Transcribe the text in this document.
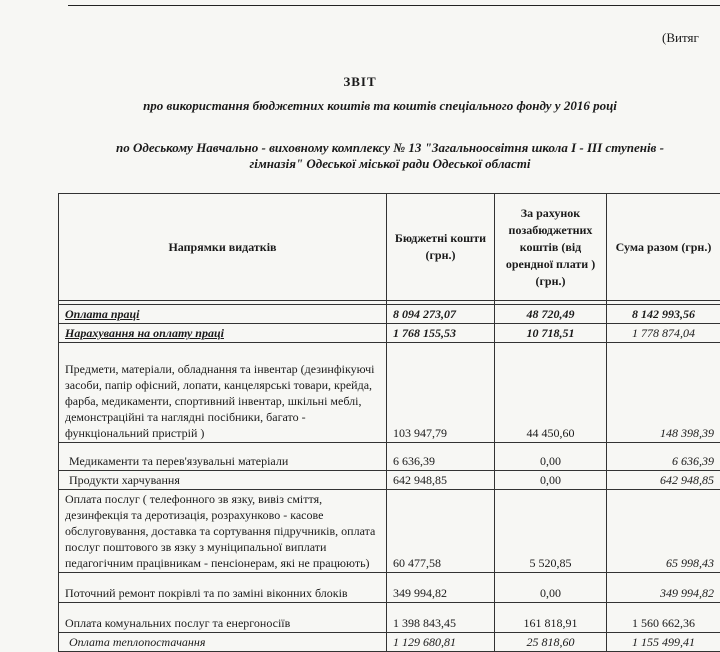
(Витяг
ЗВІТ
про використання бюджетних коштів та коштів спеціального фонду у 2016 році
по Одеському Навчально - виховному комплексу № 13 "Загальноосвітня школа І - ІІІ ступенів -
гімназія" Одеської міської ради Одеської області
Напрямки видатків	Бюджетні кошти (грн.)	За рахунок позабюджетних коштів (від орендної плати ) (грн.)	Сума разом (грн.)

Оплата праці	8 094 273,07	48 720,49	8 142 993,56
Нарахування на оплату праці	1 768 155,53	10 718,51	1 778 874,04
Предмети, матеріали, обладнання та інвентар (дезинфікуючі засоби, папір офісний, лопати, канцелярські товари, крейда, фарба, медикаменти, спортивний інвентар, шкільні меблі, демонстраційні та наглядні посібники, багато - функціональний пристрій )	103 947,79	44 450,60	148 398,39
Медикаменти та перев'язувальні матеріали	6 636,39	0,00	6 636,39
Продукти харчування	642 948,85	0,00	642 948,85
Оплата послуг ( телефонного зв язку, вивіз сміття, дезинфекція та деротизація, розрахунково - касове обслуговування, доставка та сортування підручників, оплата послуг поштового зв язку з муніципальної виплати педагогічним працівникам - пенсіонерам, які не працюють)	60 477,58	5 520,85	65 998,43
Поточний ремонт покрівлі та по заміні віконних блоків	349 994,82	0,00	349 994,82
Оплата комунальних послуг та енергоносіїв	1 398 843,45	161 818,91	1 560 662,36
Оплата теплопостачання	1 129 680,81	25 818,60	1 155 499,41
